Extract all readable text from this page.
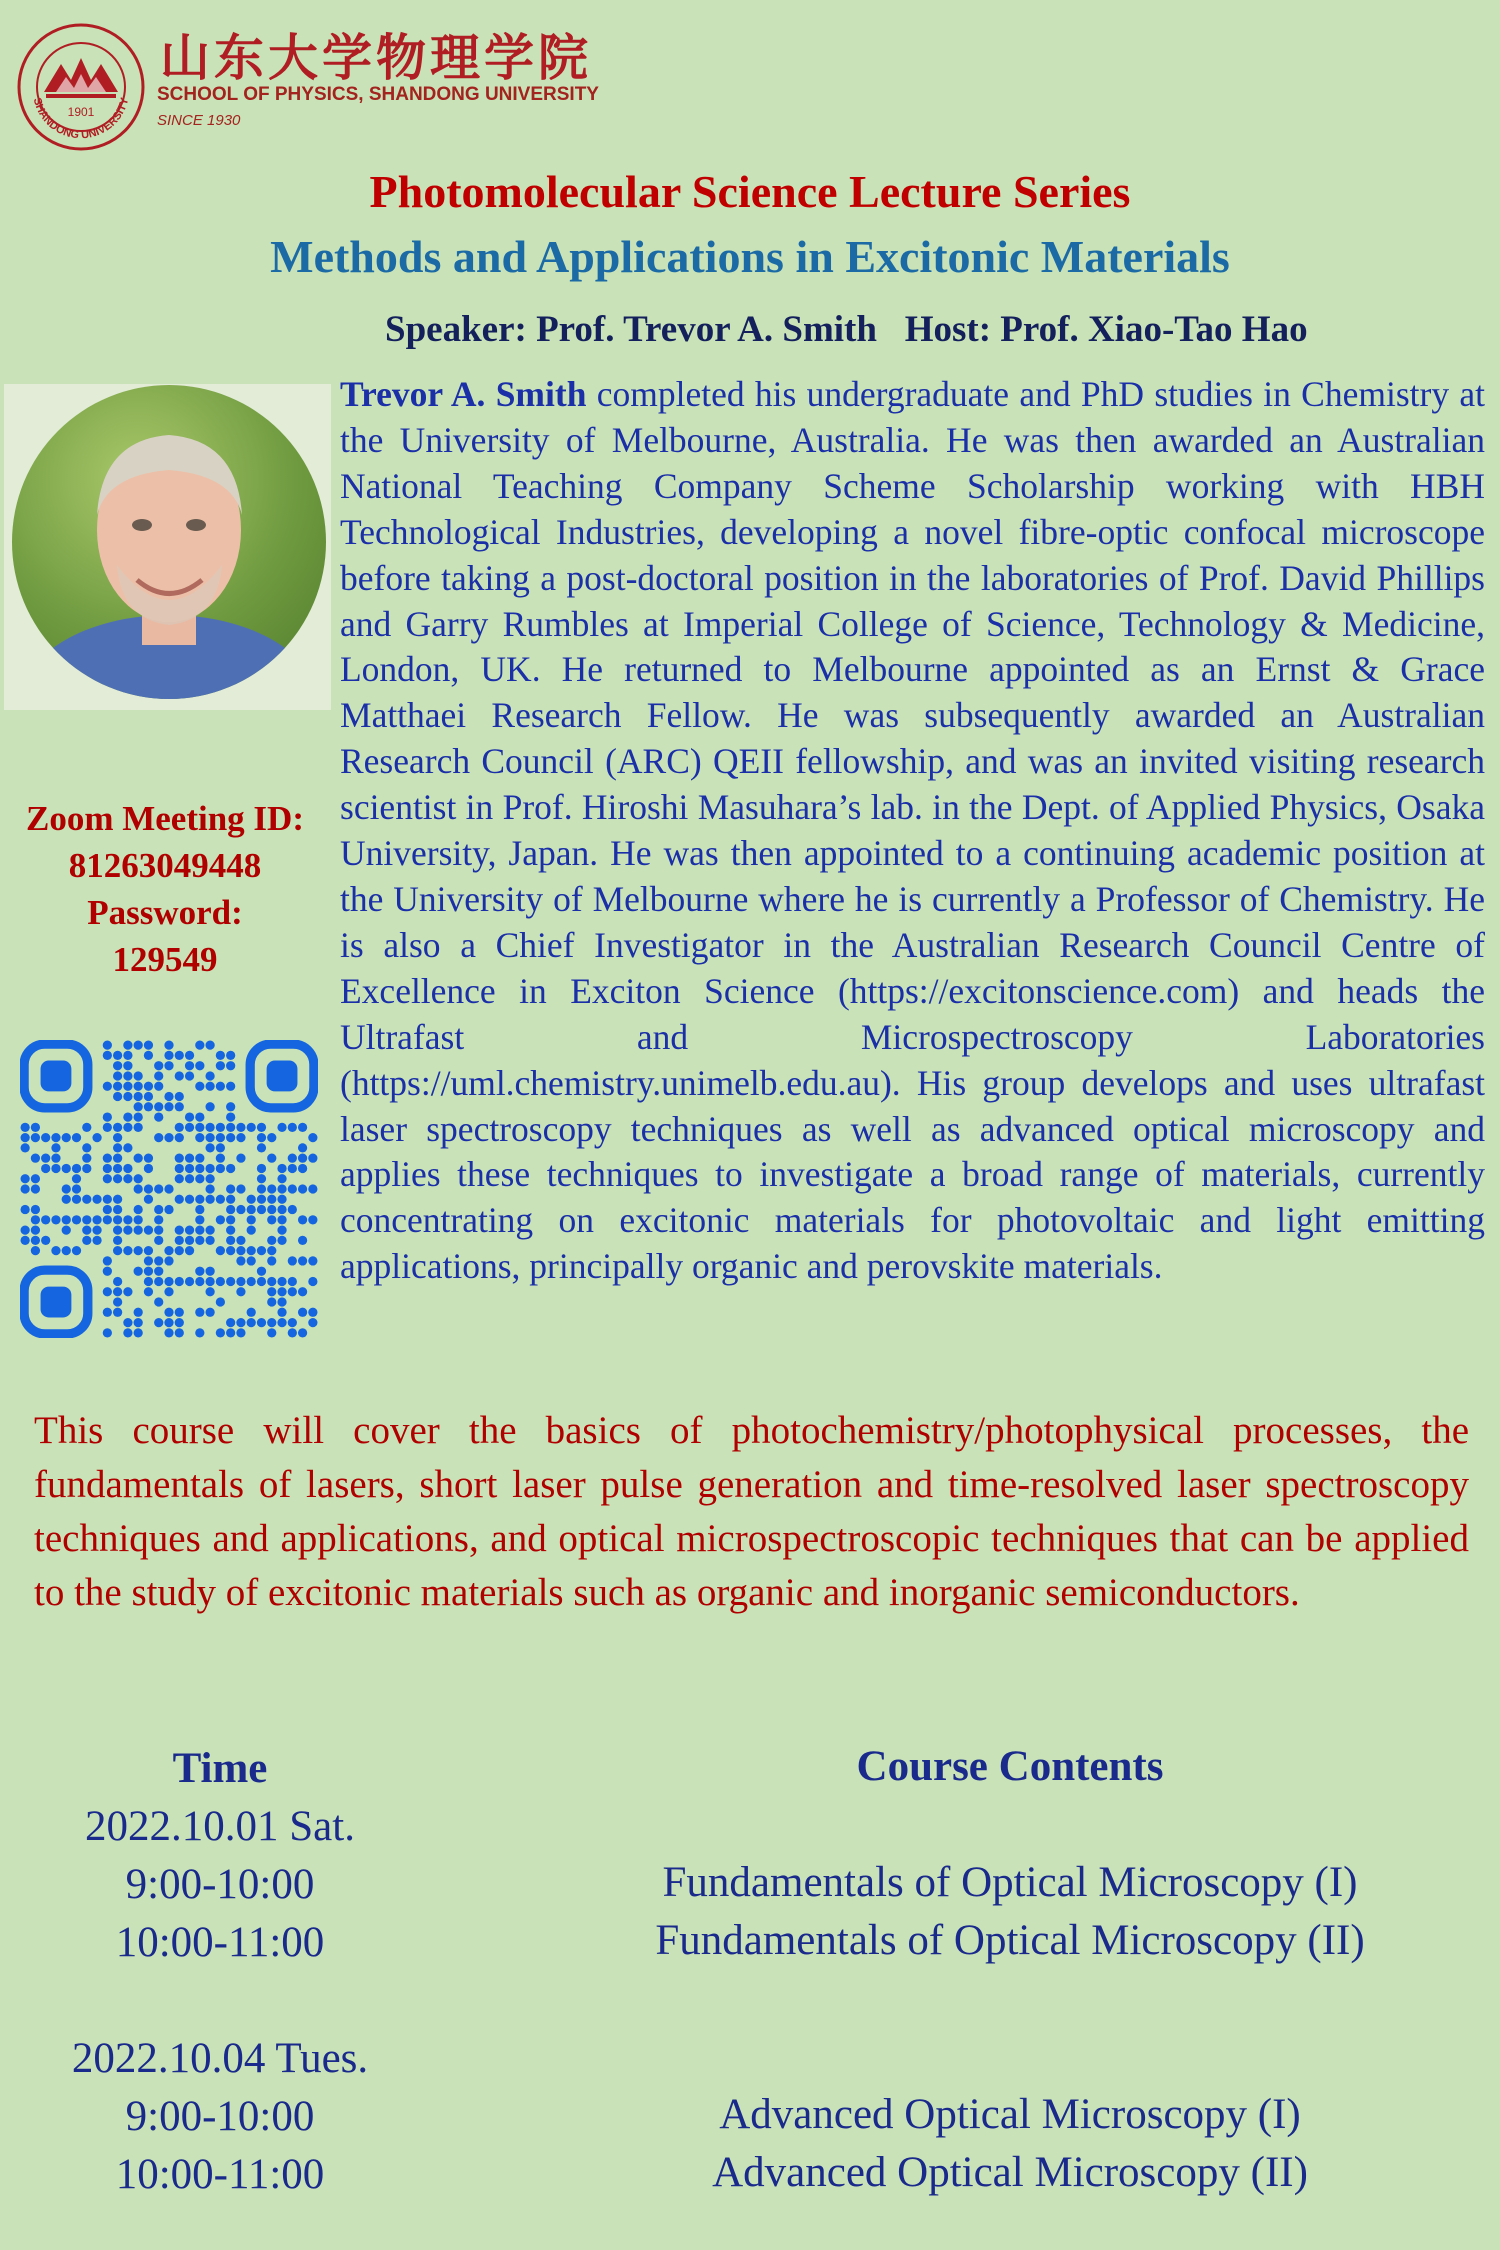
SHANDONG UNIVERSITY
1901
山东大学物理学院
SCHOOL OF PHYSICS, SHANDONG UNIVERSITY
SINCE 1930
Photomolecular Science Lecture Series
Methods and Applications in Excitonic Materials
Speaker: Prof. Trevor A. Smith   Host: Prof. Xiao-Tao Hao
Trevor A. Smith completed his undergraduate and PhD studies in Chemistry at the University of Melbourne, Australia. He was then awarded an Australian National Teaching Company Scheme Scholarship working with HBH Technological Industries, developing a novel fibre-optic confocal microscope before taking a post-doctoral position in the laboratories of Prof. David Phillips and Garry Rumbles at Imperial College of Science, Technology & Medicine, London, UK. He returned to Melbourne appointed as an Ernst & Grace Matthaei Research Fellow. He was subsequently awarded an Australian Research Council (ARC) QEII fellowship, and was an invited visiting research scientist in Prof. Hiroshi Masuhara’s lab. in the Dept. of Applied Physics, Osaka University, Japan. He was then appointed to a continuing academic position at the University of Melbourne where he is currently a Professor of Chemistry. He is also a Chief Investigator in the Australian Research Council Centre of Excellence in Exciton Science (https://excitonscience.com) and heads the Ultrafast and Microspectroscopy Laboratories (https://uml.chemistry.unimelb.edu.au). His group develops and uses ultrafast laser spectroscopy techniques as well as advanced optical microscopy and applies these techniques to investigate a broad range of materials, currently concentrating on excitonic materials for photovoltaic and light emitting applications, principally organic and perovskite materials.
Zoom Meeting ID:
81263049448
Password:
129549
This course will cover the basics of photochemistry/photophysical processes, the fundamentals of lasers, short laser pulse generation and time-resolved laser spectroscopy techniques and applications, and optical microspectroscopic techniques that can be applied to the study of excitonic materials such as organic and inorganic semiconductors.
Time
2022.10.01 Sat.
9:00-10:00
10:00-11:00
2022.10.04 Tues.
9:00-10:00
10:00-11:00
Course Contents
Fundamentals of Optical Microscopy (I)
Fundamentals of Optical Microscopy (II)
Advanced Optical Microscopy (I)
Advanced Optical Microscopy (II)
